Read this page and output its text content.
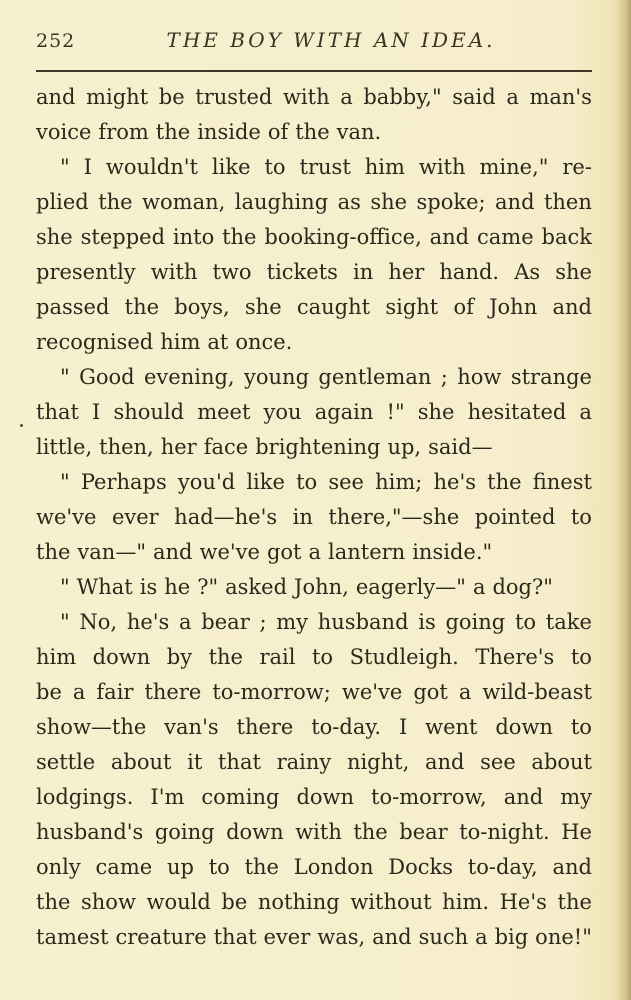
252	THE BOY WITH AN IDEA.
and might be trusted with a babby," said a man's
voice from the inside of the van.
" I wouldn't like to trust him with mine," re-
plied the woman, laughing as she spoke; and then
she stepped into the booking-office, and came back
presently with two tickets in her hand. As she
passed the boys, she caught sight of John and
recognised him at once.
" Good evening, young gentleman ; how strange
that I should meet you again !" she hesitated a
little, then, her face brightening up, said—
" Perhaps you'd like to see him; he's the finest
we've ever had—he's in there,"—she pointed to
the van—" and we've got a lantern inside."
" What is he ?" asked John, eagerly—" a dog?"
" No, he's a bear ; my husband is going to take
him down by the rail to Studleigh. There's to
be a fair there to-morrow; we've got a wild-beast
show—the van's there to-day. I went down to
settle about it that rainy night, and see about
lodgings. I'm coming down to-morrow, and my
husband's going down with the bear to-night. He
only came up to the London Docks to-day, and
the show would be nothing without him. He's the
tamest creature that ever was, and such a big one!"
